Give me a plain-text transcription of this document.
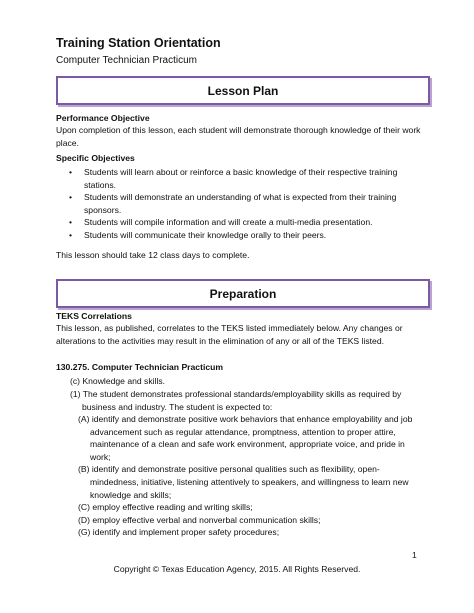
Training Station Orientation
Computer Technician Practicum
Lesson Plan
Performance Objective
Upon completion of this lesson, each student will demonstrate thorough knowledge of their work place.
Specific Objectives
• Students will learn about or reinforce a basic knowledge of their respective training stations.
• Students will demonstrate an understanding of what is expected from their training sponsors.
• Students will compile information and will create a multi-media presentation.
• Students will communicate their knowledge orally to their peers.
This lesson should take 12 class days to complete.
Preparation
TEKS Correlations
This lesson, as published, correlates to the TEKS listed immediately below. Any changes or alterations to the activities may result in the elimination of any or all of the TEKS listed.
130.275. Computer Technician Practicum
(c) Knowledge and skills.
(1) The student demonstrates professional standards/employability skills as required by business and industry. The student is expected to:
(A) identify and demonstrate positive work behaviors that enhance employability and job advancement such as regular attendance, promptness, attention to proper attire, maintenance of a clean and safe work environment, appropriate voice, and pride in work;
(B) identify and demonstrate positive personal qualities such as flexibility, open-mindedness, initiative, listening attentively to speakers, and willingness to learn new knowledge and skills;
(C) employ effective reading and writing skills;
(D) employ effective verbal and nonverbal communication skills;
(G) identify and implement proper safety procedures;
1
Copyright © Texas Education Agency, 2015. All Rights Reserved.
